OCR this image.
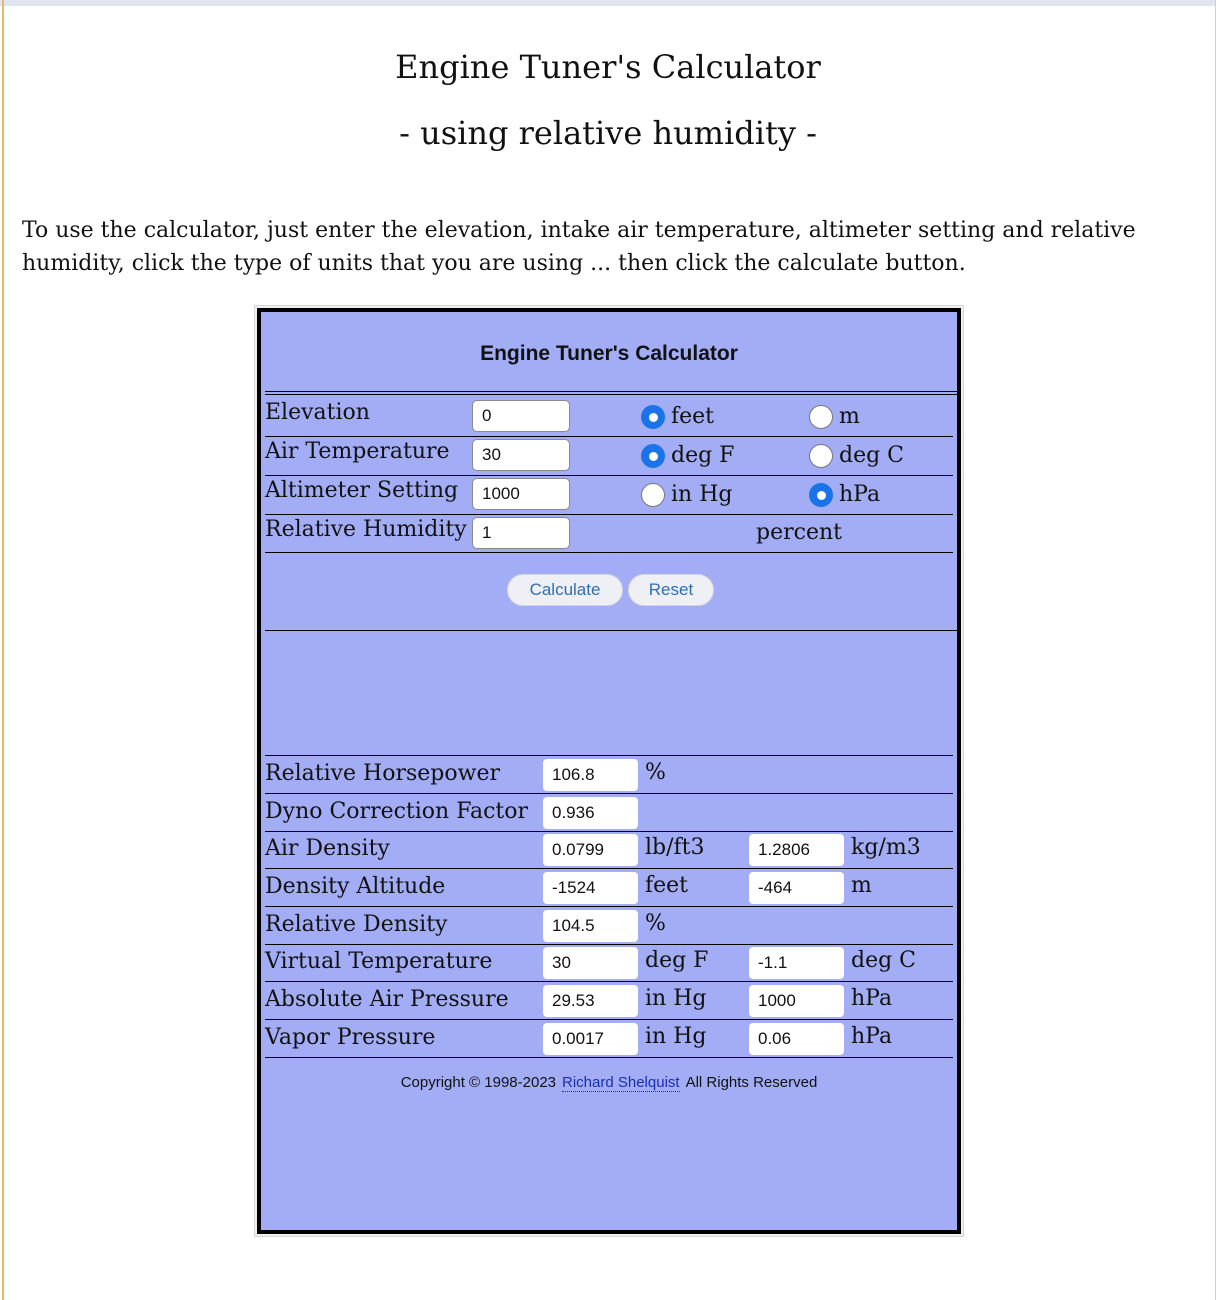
Engine Tuner's Calculator
- using relative humidity -

To use the calculator, just enter the elevation, intake air temperature, altimeter setting and relative humidity, click the type of units that you are using ... then click the calculate button.

Engine Tuner's Calculator
Elevation	0	feet	m
Air Temperature	30	deg F	deg C
Altimeter Setting	1000	in Hg	hPa
Relative Humidity 1	percent
Calculate	Reset
Relative Horsepower	106.8	%
Dyno Correction Factor	0.936
Air Density	0.0799	lb/ft3	1.2806	kg/m3
Density Altitude	-1524	feet	-464	m
Relative Density	104.5	%
Virtual Temperature	30	deg F	-1.1	deg C
Absolute Air Pressure	29.53	in Hg	1000	hPa
Vapor Pressure	0.0017	in Hg	0.06	hPa
Copyright © 1998-2023 Richard Shelquist All Rights Reserved
